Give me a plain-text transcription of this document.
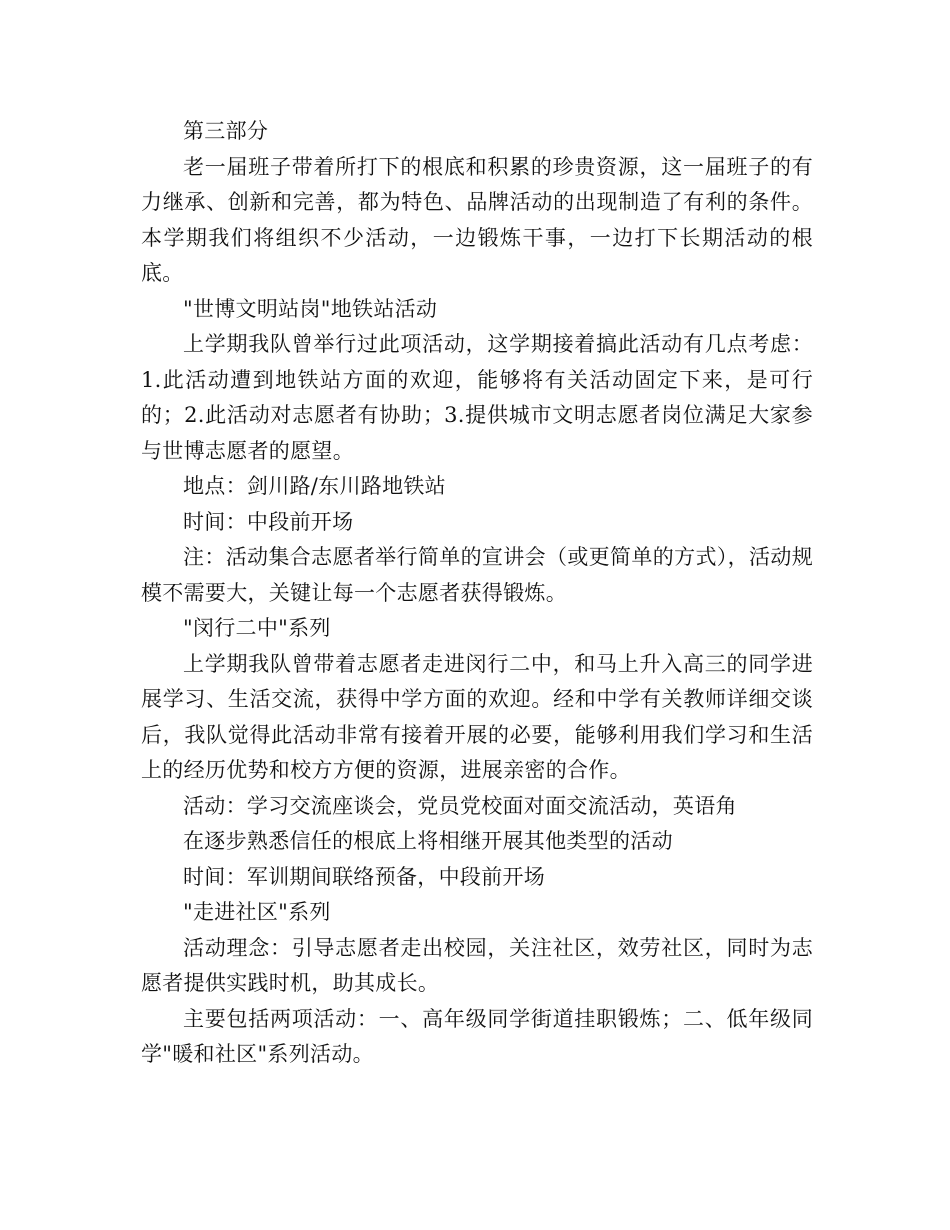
第三部分

老一届班子带着所打下的根底和积累的珍贵资源，这一届班子的有力继承、创新和完善，都为特色、品牌活动的出现制造了有利的条件。本学期我们将组织不少活动，一边锻炼干事，一边打下长期活动的根底。

"世博文明站岗"地铁站活动

上学期我队曾举行过此项活动，这学期接着搞此活动有几点考虑：1.此活动遭到地铁站方面的欢迎，能够将有关活动固定下来，是可行的；2.此活动对志愿者有协助；3.提供城市文明志愿者岗位满足大家参与世博志愿者的愿望。

地点：剑川路/东川路地铁站

时间：中段前开场

注：活动集合志愿者举行简单的宣讲会（或更简单的方式），活动规模不需要大，关键让每一个志愿者获得锻炼。

"闵行二中"系列

上学期我队曾带着志愿者走进闵行二中，和马上升入高三的同学进展学习、生活交流，获得中学方面的欢迎。经和中学有关教师详细交谈后，我队觉得此活动非常有接着开展的必要，能够利用我们学习和生活上的经历优势和校方方便的资源，进展亲密的合作。

活动：学习交流座谈会，党员党校面对面交流活动，英语角

在逐步熟悉信任的根底上将相继开展其他类型的活动

时间：军训期间联络预备，中段前开场

"走进社区"系列

活动理念：引导志愿者走出校园，关注社区，效劳社区，同时为志愿者提供实践时机，助其成长。

主要包括两项活动：一、高年级同学街道挂职锻炼；二、低年级同学"暖和社区"系列活动。
